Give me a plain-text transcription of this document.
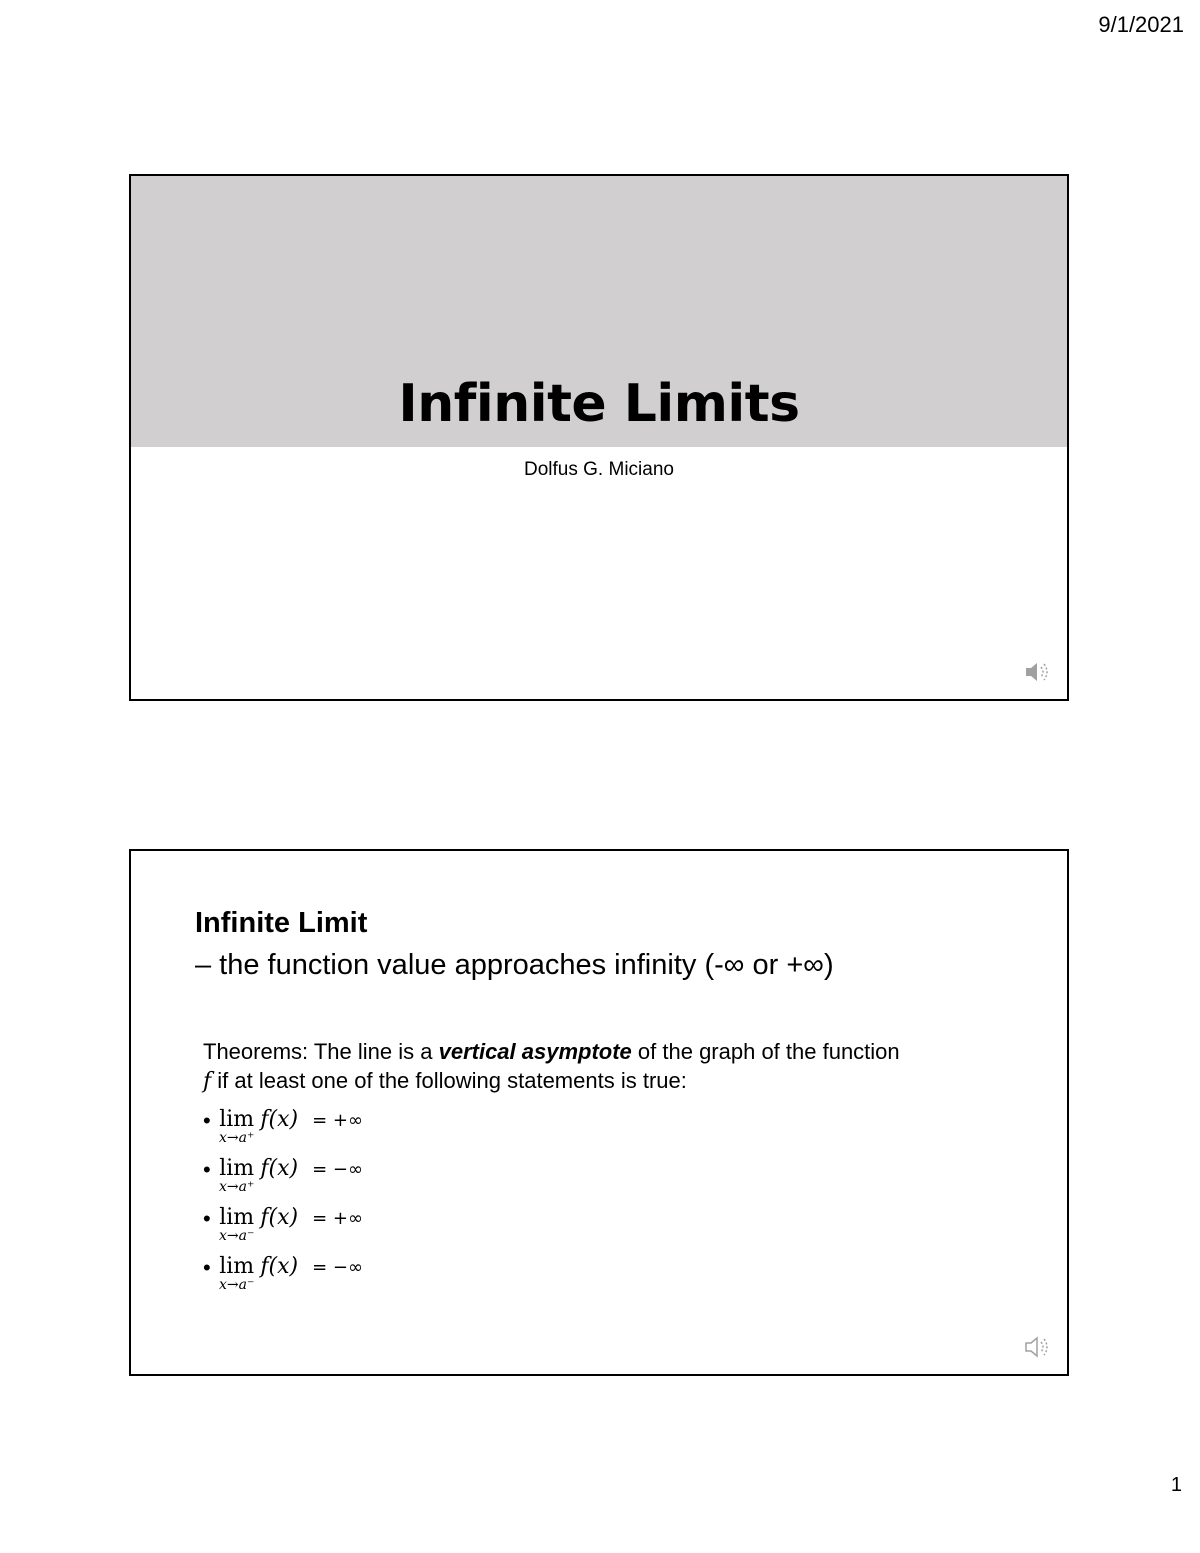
9/1/2021
Infinite Limits
Dolfus G. Miciano
Infinite Limit
– the function value approaches infinity (-∞ or +∞)
Theorems: The line is a vertical asymptote of the graph of the function
f if at least one of the following statements is true:
• lim
x→a⁺
f(x) = +∞
• lim
x→a⁺
f(x) = −∞
• lim
x→a⁻
f(x) = +∞
• lim
x→a⁻
f(x) = −∞
1
